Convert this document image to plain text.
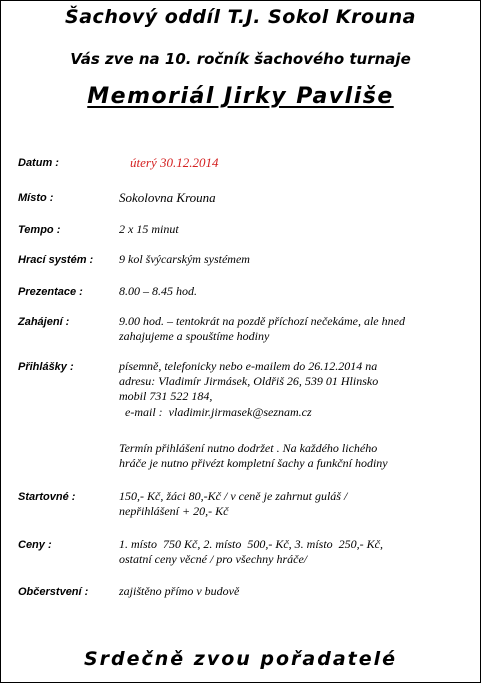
Šachový oddíl T.J. Sokol Krouna
Vás zve na 10. ročník šachového turnaje
Memoriál Jirky Pavliše
Datum :	úterý 30.12.2014
Místo :	Sokolovna Krouna
Tempo :	2 x 15 minut
Hrací systém : 9 kol švýcarským systémem
Prezentace :	8.00 – 8.45 hod.
Zahájení :	9.00 hod. – tentokrát na pozdě příchozí nečekáme, ale hned
zahajujeme a spouštíme hodiny
Přihlášky :	písemně, telefonicky nebo e-mailem do 26.12.2014 na
adresu: Vladimír Jirmásek, Oldřiš 26, 539 01 Hlinsko
mobil 731 522 184,
e-mail :  vladimir.jirmasek@seznam.cz
Termín přihlášení nutno dodržet . Na každého lichého
hráče je nutno přivézt kompletní šachy a funkční hodiny
Startovné :	150,- Kč, žáci 80,-Kč / v ceně je zahrnut guláš /
nepřihlášení + 20,- Kč
Ceny :	1. místo  750 Kč, 2. místo  500,- Kč, 3. místo  250,- Kč,
ostatní ceny věcné / pro všechny hráče/
Občerstvení :	zajištěno přímo v budově
Srdečně zvou pořadatelé
